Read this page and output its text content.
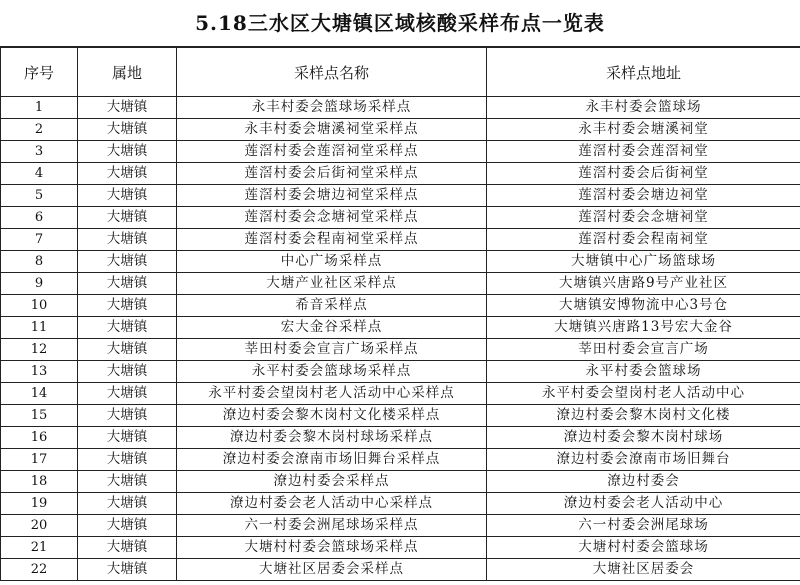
5.18三水区大塘镇区域核酸采样布点一览表
序号	属地	采样点名称	采样点地址
1	大塘镇	永丰村委会篮球场采样点	永丰村委会篮球场
2	大塘镇	永丰村委会塘溪祠堂采样点	永丰村委会塘溪祠堂
3	大塘镇	莲滘村委会莲滘祠堂采样点	莲滘村委会莲滘祠堂
4	大塘镇	莲滘村委会后街祠堂采样点	莲滘村委会后街祠堂
5	大塘镇	莲滘村委会塘边祠堂采样点	莲滘村委会塘边祠堂
6	大塘镇	莲滘村委会念塘祠堂采样点	莲滘村委会念塘祠堂
7	大塘镇	莲滘村委会程南祠堂采样点	莲滘村委会程南祠堂
8	大塘镇	中心广场采样点	大塘镇中心广场篮球场
9	大塘镇	大塘产业社区采样点	大塘镇兴唐路9号产业社区
10	大塘镇	希音采样点	大塘镇安博物流中心3号仓
11	大塘镇	宏大金谷采样点	大塘镇兴唐路13号宏大金谷
12	大塘镇	莘田村委会宣言广场采样点	莘田村委会宣言广场
13	大塘镇	永平村委会篮球场采样点	永平村委会篮球场
14	大塘镇	永平村委会望岗村老人活动中心采样点	永平村委会望岗村老人活动中心
15	大塘镇	潦边村委会黎木岗村文化楼采样点	潦边村委会黎木岗村文化楼
16	大塘镇	潦边村委会黎木岗村球场采样点	潦边村委会黎木岗村球场
17	大塘镇	潦边村委会潦南市场旧舞台采样点	潦边村委会潦南市场旧舞台
18	大塘镇	潦边村委会采样点	潦边村委会
19	大塘镇	潦边村委会老人活动中心采样点	潦边村委会老人活动中心
20	大塘镇	六一村委会洲尾球场采样点	六一村委会洲尾球场
21	大塘镇	大塘村村委会篮球场采样点	大塘村村委会篮球场
22	大塘镇	大塘社区居委会采样点	大塘社区居委会
